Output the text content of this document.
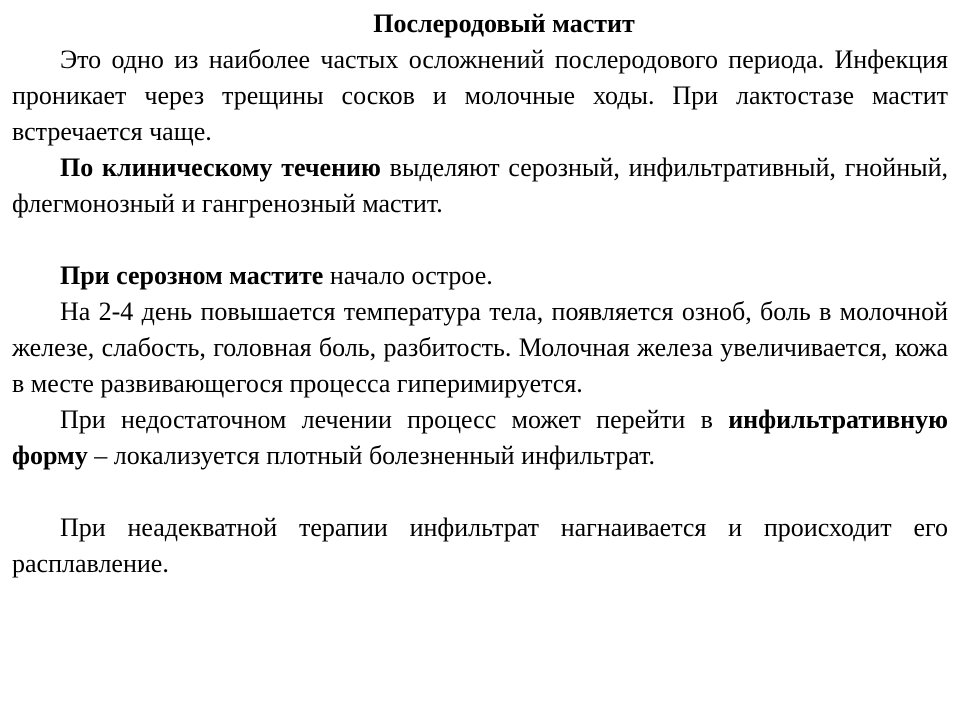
Послеродовый мастит

Это одно из наиболее частых осложнений послеродового периода. Инфекция проникает через трещины сосков и молочные ходы. При лактостазе мастит встречается чаще.

По клиническому течению выделяют серозный, инфильтративный, гнойный, флегмонозный и гангренозный мастит.

При серозном мастите начало острое.

На 2-4 день повышается температура тела, появляется озноб, боль в молочной железе, слабость, головная боль, разбитость. Молочная железа увеличивается, кожа в месте развивающегося процесса гиперимируется.

При недостаточном лечении процесс может перейти в инфильтративную форму – локализуется плотный болезненный инфильтрат.

При неадекватной терапии инфильтрат нагнаивается и происходит его расплавление.
